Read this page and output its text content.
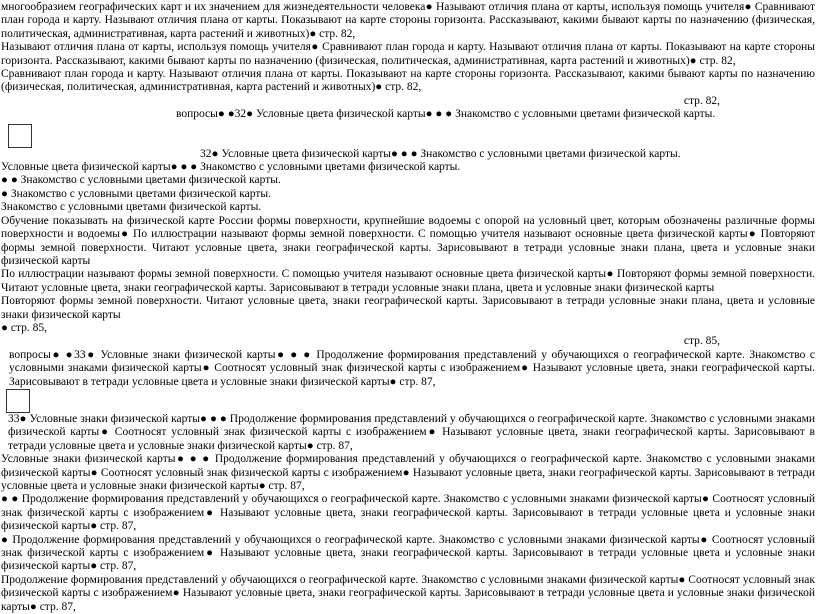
многообразием географических карт и их значением для жизнедеятельности человека● Называют отличия плана от карты, используя помощь учителя● Сравнивают план города и карту. Называют отличия плана от карты. Показывают на карте стороны горизонта. Рассказывают, какими бывают карты по назначению (физическая, политическая, административная, карта растений и животных)● стр. 82,

Называют отличия плана от карты, используя помощь учителя● Сравнивают план города и карту. Называют отличия плана от карты. Показывают на карте стороны горизонта. Рассказывают, какими бывают карты по назначению (физическая, политическая, административная, карта растений и животных)● стр. 82,

Сравнивают план города и карту. Называют отличия плана от карты. Показывают на карте стороны горизонта. Рассказывают, какими бывают карты по назначению (физическая, политическая, административная, карта растений и животных)● стр. 82,

стр. 82,

вопросы● ●32● Условные цвета физической карты● ● ● Знакомство с условными цветами физической карты.

32● Условные цвета физической карты● ● ● Знакомство с условными цветами физической карты.

Условные цвета физической карты● ● ● Знакомство с условными цветами физической карты.

● ● Знакомство с условными цветами физической карты.

● Знакомство с условными цветами физической карты.

Знакомство с условными цветами физической карты.

Обучение показывать на физической карте России формы поверхности, крупнейшие водоемы с опорой на условный цвет, которым обозначены различные формы поверхности и водоемы● По иллюстрации называют формы земной поверхности. С помощью учителя называют основные цвета физической карты● Повторяют формы земной поверхности. Читают условные цвета, знаки географической карты. Зарисовывают в тетради условные знаки плана, цвета и условные знаки физической карты

По иллюстрации называют формы земной поверхности. С помощью учителя называют основные цвета физической карты● Повторяют формы земной поверхности. Читают условные цвета, знаки географической карты. Зарисовывают в тетради условные знаки плана, цвета и условные знаки физической карты

Повторяют формы земной поверхности. Читают условные цвета, знаки географической карты. Зарисовывают в тетради условные знаки плана, цвета и условные знаки физической карты

● стр. 85,

стр. 85,

вопросы● ●33● Условные знаки физической карты● ● ● Продолжение формирования представлений у обучающихся о географической карте. Знакомство с условными знаками физической карты● Соотносят условный знак физической карты с изображением● Называют условные цвета, знаки географической карты. Зарисовывают в тетради условные цвета и условные знаки физической карты● стр. 87,

33● Условные знаки физической карты● ● ● Продолжение формирования представлений у обучающихся о географической карте. Знакомство с условными знаками физической карты● Соотносят условный знак физической карты с изображением● Называют условные цвета, знаки географической карты. Зарисовывают в тетради условные цвета и условные знаки физической карты● стр. 87,

Условные знаки физической карты● ● ● Продолжение формирования представлений у обучающихся о географической карте. Знакомство с условными знаками физической карты● Соотносят условный знак физической карты с изображением● Называют условные цвета, знаки географической карты. Зарисовывают в тетради условные цвета и условные знаки физической карты● стр. 87,

● ● Продолжение формирования представлений у обучающихся о географической карте. Знакомство с условными знаками физической карты● Соотносят условный знак физической карты с изображением● Называют условные цвета, знаки географической карты. Зарисовывают в тетради условные цвета и условные знаки физической карты● стр. 87,

● Продолжение формирования представлений у обучающихся о географической карте. Знакомство с условными знаками физической карты● Соотносят условный знак физической карты с изображением● Называют условные цвета, знаки географической карты. Зарисовывают в тетради условные цвета и условные знаки физической карты● стр. 87,

Продолжение формирования представлений у обучающихся о географической карте. Знакомство с условными знаками физической карты● Соотносят условный знак физической карты с изображением● Называют условные цвета, знаки географической карты. Зарисовывают в тетради условные цвета и условные знаки физической карты● стр. 87,
